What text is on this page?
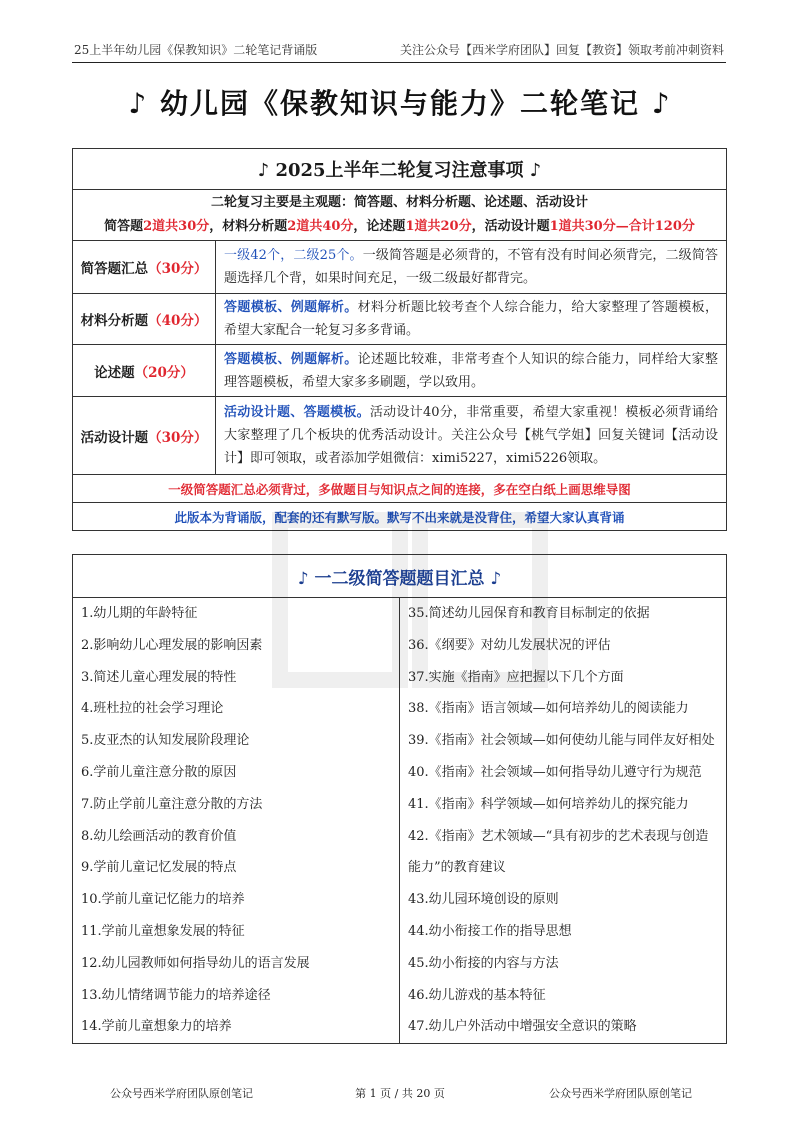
25上半年幼儿园《保教知识》二轮笔记背诵版	关注公众号【西米学府团队】回复【教资】领取考前冲刺资料
♪ 幼儿园《保教知识与能力》二轮笔记 ♪
♪ 2025上半年二轮复习注意事项 ♪	

二轮复习主要是主观题：简答题、材料分析题、论述题、活动设计
简答题2道共30分，材料分析题2道共40分，论述题1道共20分，活动设计题1道共30分—合计120分	

简答题汇总（30分）	一级42个，二级25个。一级简答题是必须背的，不管有没有时间必须背完，二级简答题选择几个背，如果时间充足，一级二级最好都背完。
材料分析题（40分）	答题模板、例题解析。材料分析题比较考查个人综合能力，给大家整理了答题模板，希望大家配合一轮复习多多背诵。
论述题（20分）	答题模板、例题解析。论述题比较难，非常考查个人知识的综合能力，同样给大家整理答题模板，希望大家多多刷题，学以致用。
活动设计题（30分）	活动设计题、答题模板。活动设计40分，非常重要，希望大家重视！模板必须背诵给大家整理了几个板块的优秀活动设计。关注公众号【桃气学姐】回复关键词【活动设计】即可领取，或者添加学姐微信：ximi5227，ximi5226领取。
一级简答题汇总必须背过，多做题目与知识点之间的连接，多在空白纸上画思维导图	
此版本为背诵版，配套的还有默写版。默写不出来就是没背住，希望大家认真背诵	
♪ 一二级简答题题目汇总 ♪

1.幼儿期的年龄特征
2.影响幼儿心理发展的影响因素
3.简述儿童心理发展的特性
4.班杜拉的社会学习理论
5.皮亚杰的认知发展阶段理论
6.学前儿童注意分散的原因
7.防止学前儿童注意分散的方法
8.幼儿绘画活动的教育价值
9.学前儿童记忆发展的特点
10.学前儿童记忆能力的培养
11.学前儿童想象发展的特征
12.幼儿园教师如何指导幼儿的语言发展
13.幼儿情绪调节能力的培养途径
14.学前儿童想象力的培养

35.简述幼儿园保育和教育目标制定的依据
36.《纲要》对幼儿发展状况的评估
37.实施《指南》应把握以下几个方面
38.《指南》语言领域—如何培养幼儿的阅读能力
39.《指南》社会领域—如何使幼儿能与同伴友好相处
40.《指南》社会领域—如何指导幼儿遵守行为规范
41.《指南》科学领域—如何培养幼儿的探究能力
42.《指南》艺术领域—“具有初步的艺术表现与创造能力”的教育建议
43.幼儿园环境创设的原则
44.幼小衔接工作的指导思想
45.幼小衔接的内容与方法
46.幼儿游戏的基本特征
47.幼儿户外活动中增强安全意识的策略
公众号西米学府团队原创笔记	第 1 页 / 共 20 页	公众号西米学府团队原创笔记
